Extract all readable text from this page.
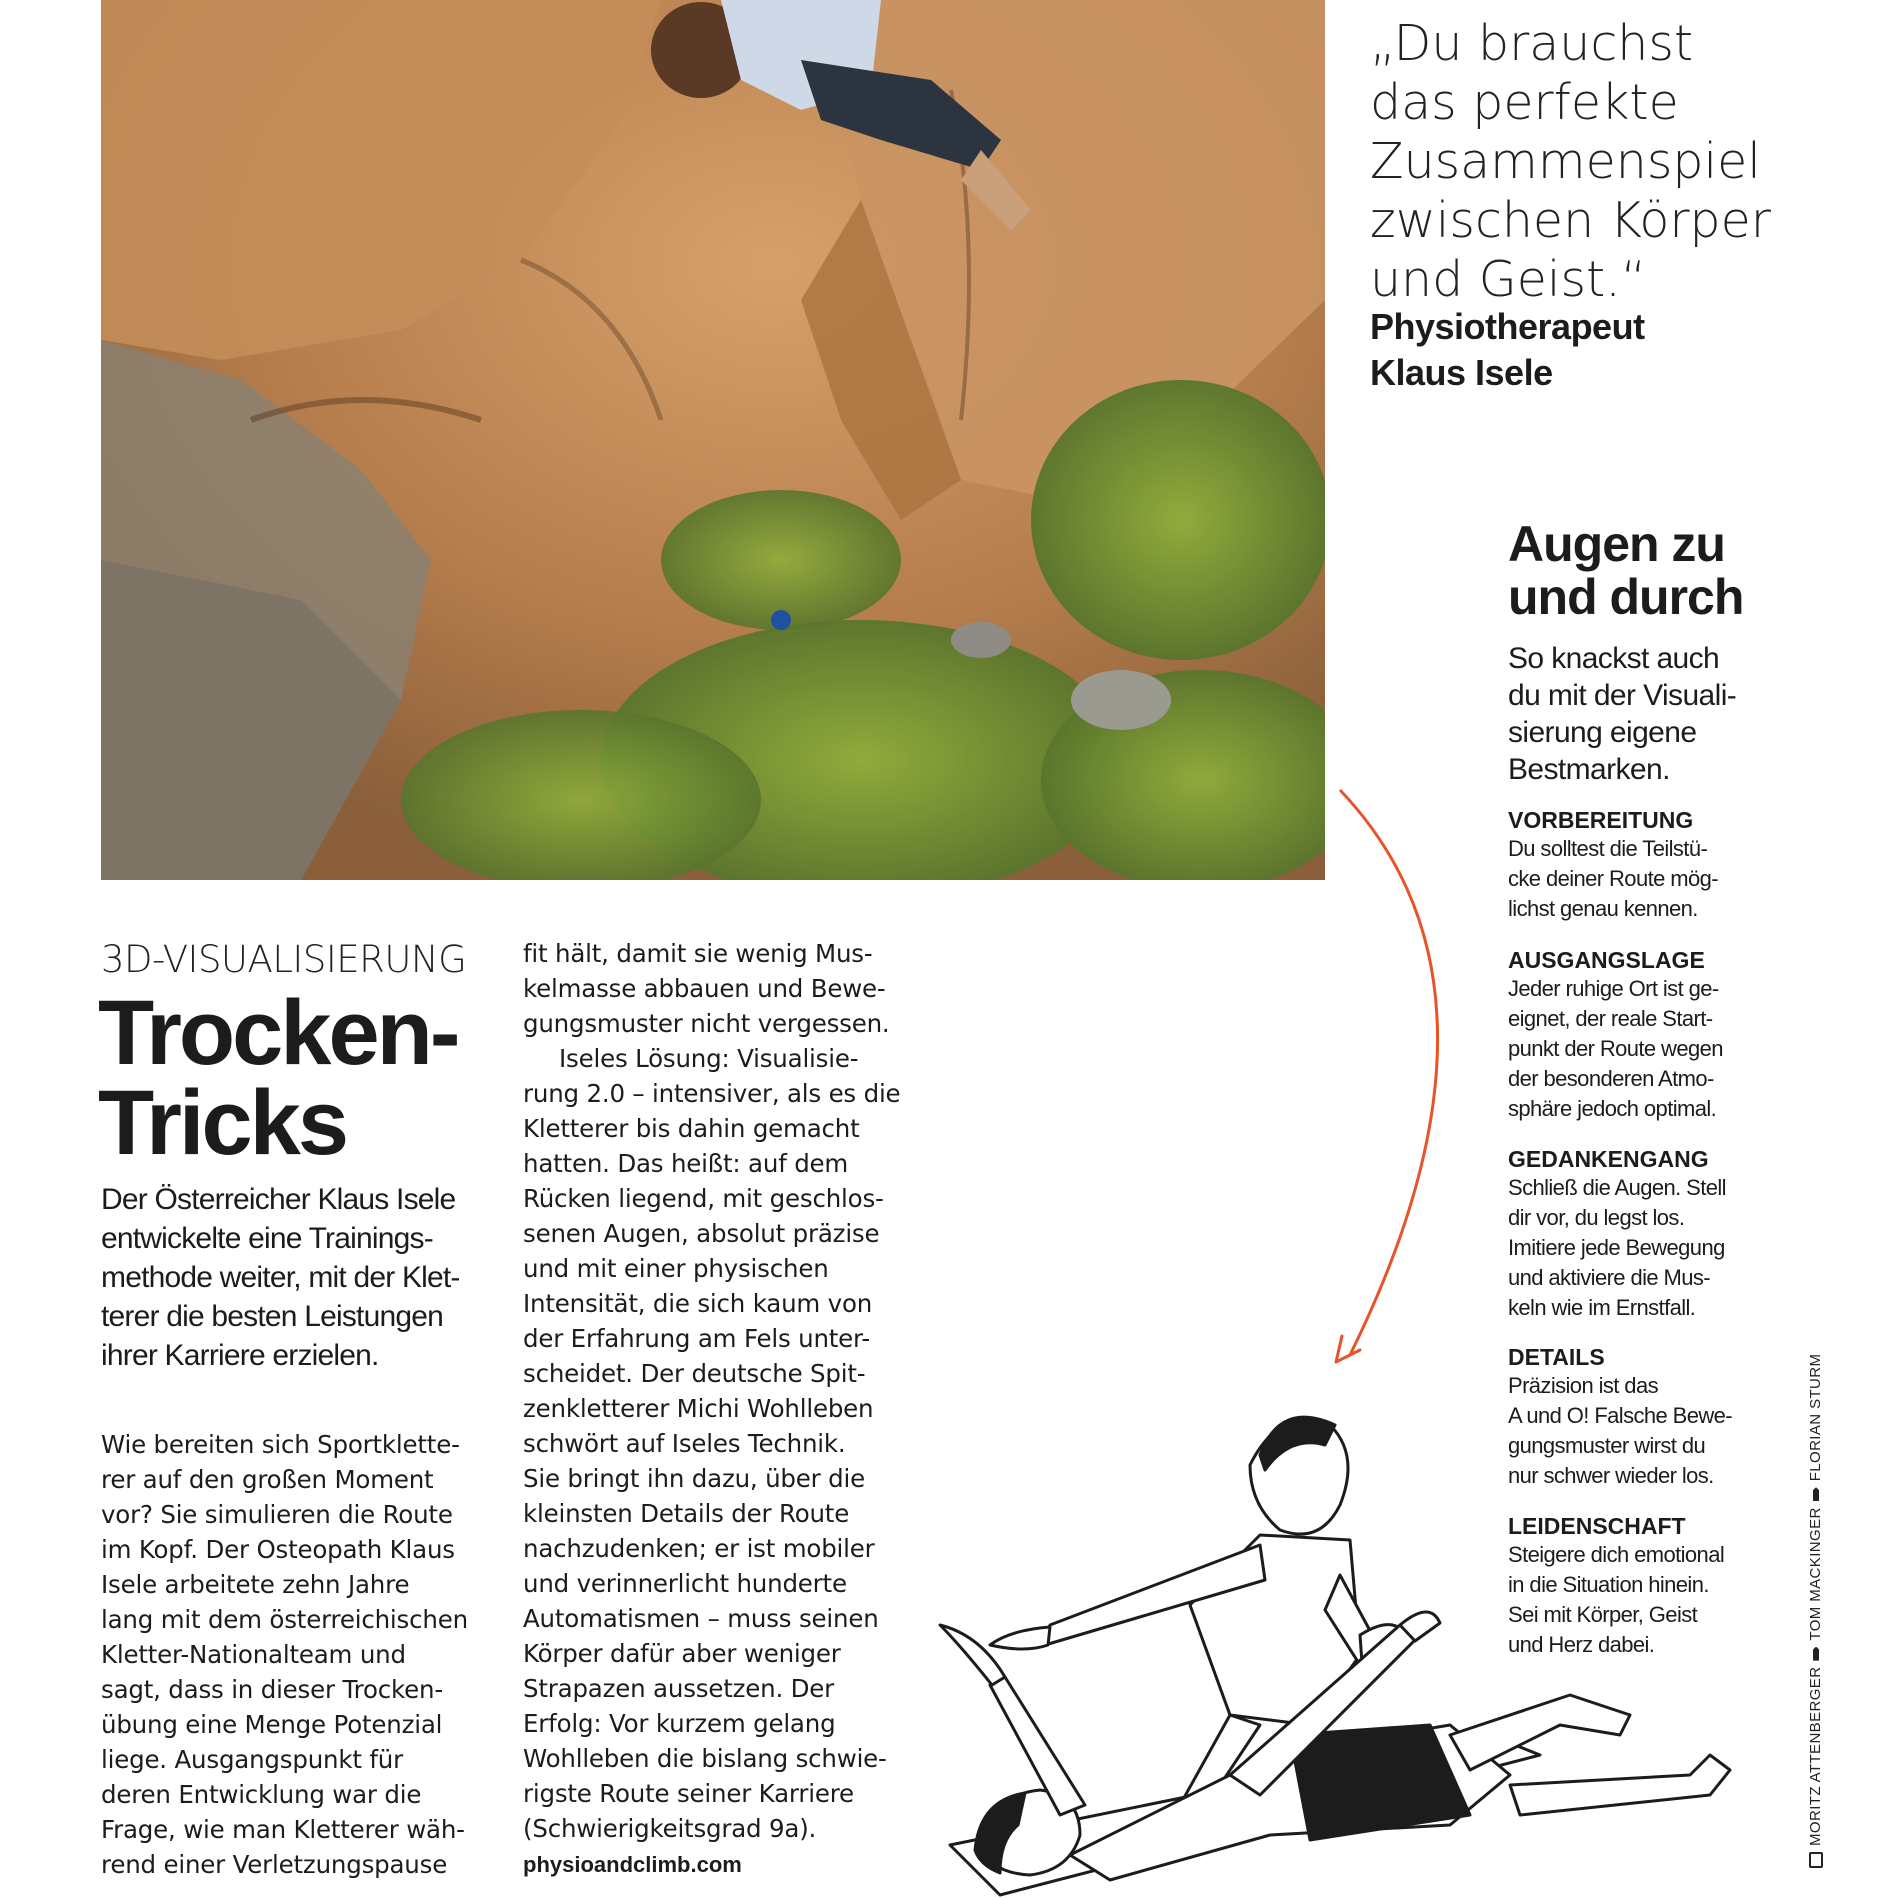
„Du brauchst
das perfekte
Zusammenspiel
zwischen Körper
und Geist.“
Physiotherapeut
Klaus Isele
Augen zu
und durch
So knackst auch
du mit der Visuali-
sierung eigene
Bestmarken.
VORBEREITUNG
Du solltest die Teilstü-
cke deiner Route mög-
lichst genau kennen.
AUSGANGSLAGE
Jeder ruhige Ort ist ge-
eignet, der reale Start-
punkt der Route wegen
der besonderen Atmo-
sphäre jedoch optimal.
GEDANKENGANG
Schließ die Augen. Stell
dir vor, du legst los.
Imitiere jede Bewegung
und aktiviere die Mus-
keln wie im Ernstfall.
DETAILS
Präzision ist das
A und O! Falsche Bewe-
gungsmuster wirst du
nur schwer wieder los.
LEIDENSCHAFT
Steigere dich emotional
in die Situation hinein.
Sei mit Körper, Geist
und Herz dabei.
3D-VISUALISIERUNG
Trocken-
Tricks
Der Österreicher Klaus Isele
entwickelte eine Trainings-
methode weiter, mit der Klet-
terer die besten Leistungen
ihrer Karriere erzielen.
Wie bereiten sich Sportklette-
rer auf den großen Moment
vor? Sie simulieren die Route
im Kopf. Der Osteopath Klaus
Isele arbeitete zehn Jahre
lang mit dem österreichischen
Kletter-Nationalteam und
sagt, dass in dieser Trocken-
übung eine Menge Potenzial
liege. Ausgangspunkt für
deren Entwicklung war die
Frage, wie man Kletterer wäh-
rend einer Verletzungspause
fit hält, damit sie wenig Mus-
kelmasse abbauen und Bewe-
gungsmuster nicht vergessen.
Iseles Lösung: Visualisie-
rung 2.0 – intensiver, als es die
Kletterer bis dahin gemacht
hatten. Das heißt: auf dem
Rücken liegend, mit geschlos-
senen Augen, absolut präzise
und mit einer physischen
Intensität, die sich kaum von
der Erfahrung am Fels unter-
scheidet. Der deutsche Spit-
zenkletterer Michi Wohlleben
schwört auf Iseles Technik.
Sie bringt ihn dazu, über die
kleinsten Details der Route
nachzudenken; er ist mobiler
und verinnerlicht hunderte
Automatismen – muss seinen
Körper dafür aber weniger
Strapazen aussetzen. Der
Erfolg: Vor kurzem gelang
Wohlleben die bislang schwie-
rigste Route seiner Karriere
(Schwierigkeitsgrad 9a).
physioandclimb.com
MORITZ ATTENBERGERTOM MACKINGERFLORIAN STURM
